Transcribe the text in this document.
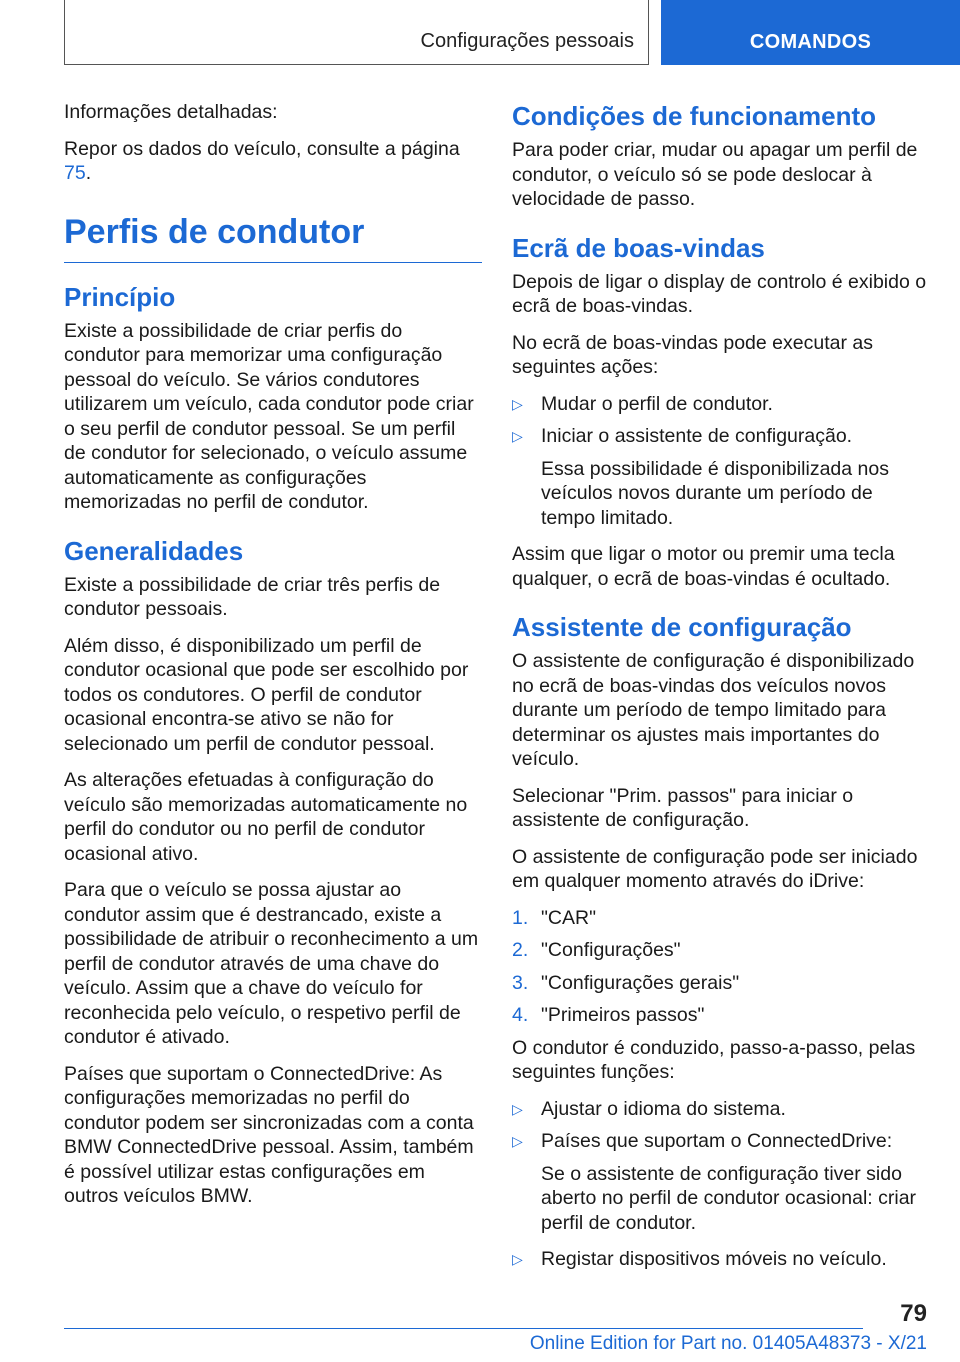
Configurações pessoais	COMANDOS

Informações detalhadas:

Repor os dados do veículo, consulte a página 75.

Perfis de condutor
Princípio

Existe a possibilidade de criar perfis do condutor para memorizar uma configuração pessoal do veículo. Se vários condutores utilizarem um veículo, cada condutor pode criar o seu perfil de condutor pessoal. Se um perfil de condutor for selecionado, o veículo assume automaticamente as configurações memorizadas no perfil de condutor.

Generalidades

Existe a possibilidade de criar três perfis de condutor pessoais.

Além disso, é disponibilizado um perfil de condutor ocasional que pode ser escolhido por todos os condutores. O perfil de condutor ocasional encontra-se ativo se não for selecionado um perfil de condutor pessoal.

As alterações efetuadas à configuração do veículo são memorizadas automaticamente no perfil do condutor ou no perfil de condutor ocasional ativo.

Para que o veículo se possa ajustar ao condutor assim que é destrancado, existe a possibilidade de atribuir o reconhecimento a um perfil de condutor através de uma chave do veículo. Assim que a chave do veículo for reconhecida pelo veículo, o respetivo perfil de condutor é ativado.

Países que suportam o ConnectedDrive: As configurações memorizadas no perfil do condutor podem ser sincronizadas com a conta BMW ConnectedDrive pessoal. Assim, também é possível utilizar estas configurações em outros veículos BMW.

Condições de funcionamento

Para poder criar, mudar ou apagar um perfil de condutor, o veículo só se pode deslocar à velocidade de passo.

Ecrã de boas-vindas

Depois de ligar o display de controlo é exibido o ecrã de boas-vindas.

No ecrã de boas-vindas pode executar as seguintes ações:

▷ Mudar o perfil de condutor.
▷ Iniciar o assistente de configuração.

Essa possibilidade é disponibilizada nos veículos novos durante um período de tempo limitado.

Assim que ligar o motor ou premir uma tecla qualquer, o ecrã de boas-vindas é ocultado.

Assistente de configuração

O assistente de configuração é disponibilizado no ecrã de boas-vindas dos veículos novos durante um período de tempo limitado para determinar os ajustes mais importantes do veículo.

Selecionar "Prim. passos" para iniciar o assistente de configuração.

O assistente de configuração pode ser iniciado em qualquer momento através do iDrive:

1. "CAR"
2. "Configurações"
3. "Configurações gerais"
4. "Primeiros passos"

O condutor é conduzido, passo-a-passo, pelas seguintes funções:

▷ Ajustar o idioma do sistema.
▷ Países que suportam o ConnectedDrive:

Se o assistente de configuração tiver sido aberto no perfil de condutor ocasional: criar perfil de condutor.

▷ Registar dispositivos móveis no veículo.
79
Online Edition for Part no. 01405A48373 - X/21
